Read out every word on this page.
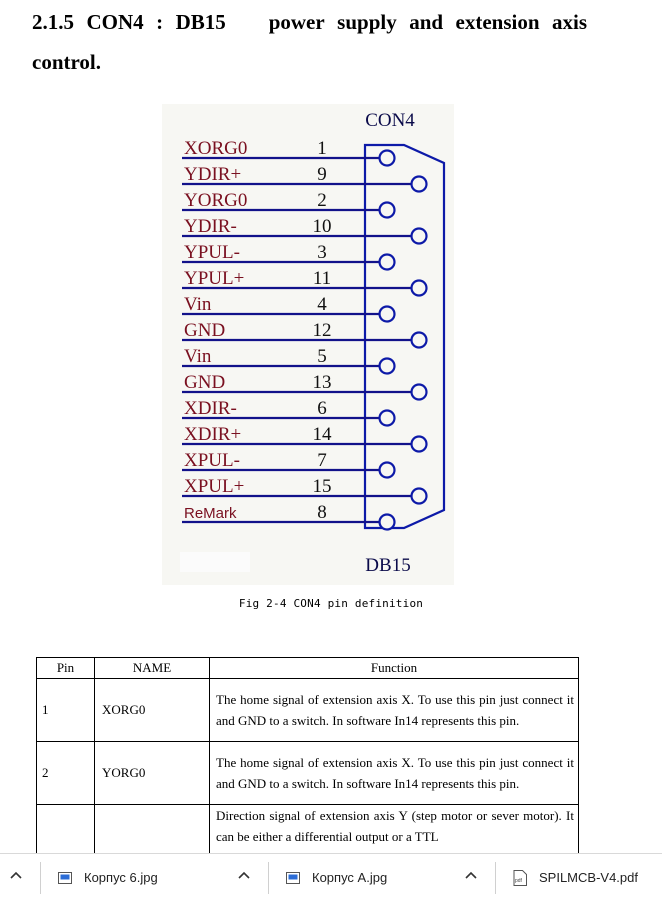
2.1.5 CON4 : DB15 power supply and extension axis
control.
CON4
DB15
XORG0	1
YDIR+	9
YORG0	2
YDIR-	10
YPUL-	3
YPUL+	11
Vin	4
GND	12
Vin	5
GND	13
XDIR-	6
XDIR+	14
XPUL-	7
XPUL+	15
ReMark	8
Fig 2-4 CON4 pin definition
Pin	NAME	Function
1	XORG0	The home signal of extension axis X. To use this pin just connect it and GND to a switch. In software In14 represents this pin.
2	YORG0	The home signal of extension axis X. To use this pin just connect it and GND to a switch. In software In14 represents this pin.
		Direction signal of extension axis Y (step motor or sever motor). It can be either a differential output or a TTL
Корпус 6.jpg	Корпус A.jpg	pdf SPILMCB-V4.pdf
